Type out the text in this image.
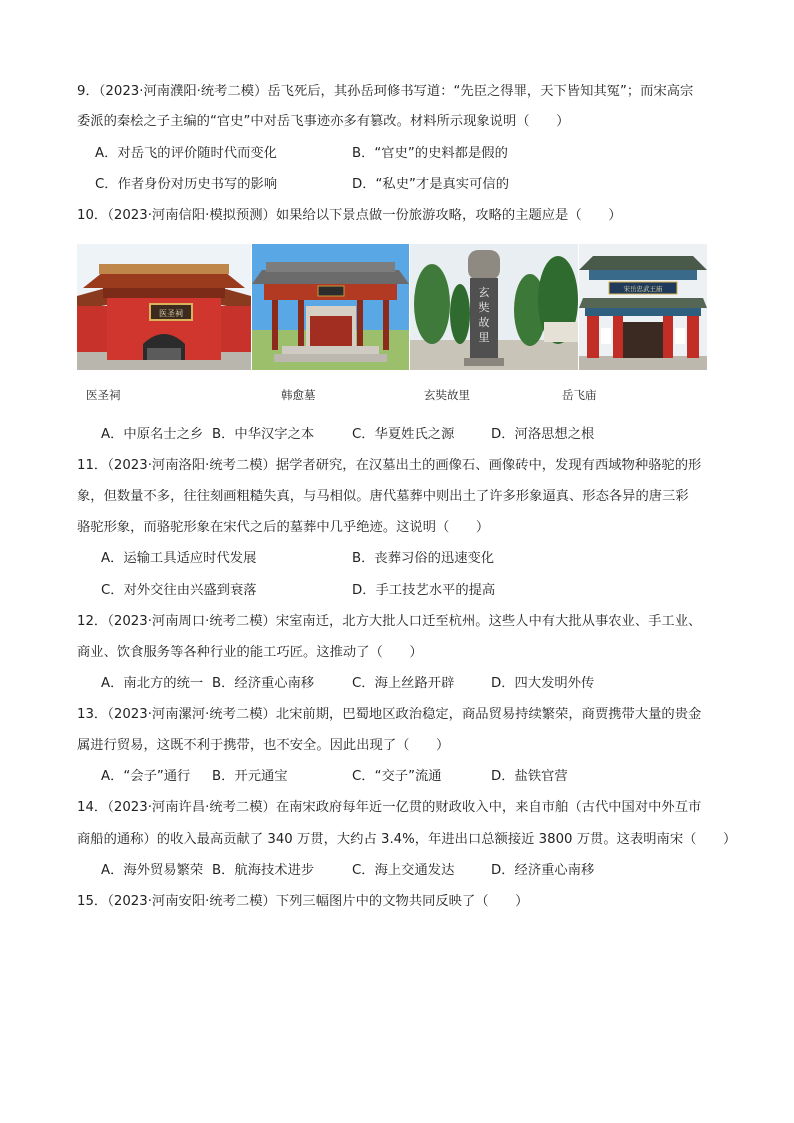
9．（2023·河南濮阳·统考二模）岳飞死后，其孙岳珂修书写道：“先臣之得罪，天下皆知其冤”；而宋高宗
委派的秦桧之子主编的“官史”中对岳飞事迹亦多有篡改。材料所示现象说明（　　）
A．对岳飞的评价随时代而变化	B．“官史”的史料都是假的
C．作者身份对历史书写的影响	D．“私史”才是真实可信的
10．（2023·河南信阳·模拟预测）如果给以下景点做一份旅游攻略，攻略的主题应是（　　）
医圣祠
玄
奘
故
里
宋岳忠武王庙
医圣祠	韩愈墓	玄奘故里	岳飞庙
A．中原名士之乡 B．中华汉字之本	C．华夏姓氏之源	D．河洛思想之根
11．（2023·河南洛阳·统考二模）据学者研究，在汉墓出土的画像石、画像砖中，发现有西域物种骆驼的形
象，但数量不多，往往刻画粗糙失真，与马相似。唐代墓葬中则出土了许多形象逼真、形态各异的唐三彩
骆驼形象，而骆驼形象在宋代之后的墓葬中几乎绝迹。这说明（　　）
A．运输工具适应时代发展	B．丧葬习俗的迅速变化
C．对外交往由兴盛到衰落	D．手工技艺水平的提高
12．（2023·河南周口·统考二模）宋室南迁，北方大批人口迁至杭州。这些人中有大批从事农业、手工业、
商业、饮食服务等各种行业的能工巧匠。这推动了（　　）
A．南北方的统一 B．经济重心南移	C．海上丝路开辟	D．四大发明外传
13．（2023·河南漯河·统考二模）北宋前期，巴蜀地区政治稳定，商品贸易持续繁荣，商贾携带大量的贵金
属进行贸易，这既不利于携带，也不安全。因此出现了（　　）
A．“会子”通行 B．开元通宝	C．“交子”流通	D．盐铁官营
14．（2023·河南许昌·统考二模）在南宋政府每年近一亿贯的财政收入中，来自市舶（古代中国对中外互市
商船的通称）的收入最高贡献了 340 万贯，大约占 3.4%，年进出口总额接近 3800 万贯。这表明南宋（　　）
A．海外贸易繁荣 B．航海技术进步	C．海上交通发达	D．经济重心南移
15．（2023·河南安阳·统考二模）下列三幅图片中的文物共同反映了（　　）
